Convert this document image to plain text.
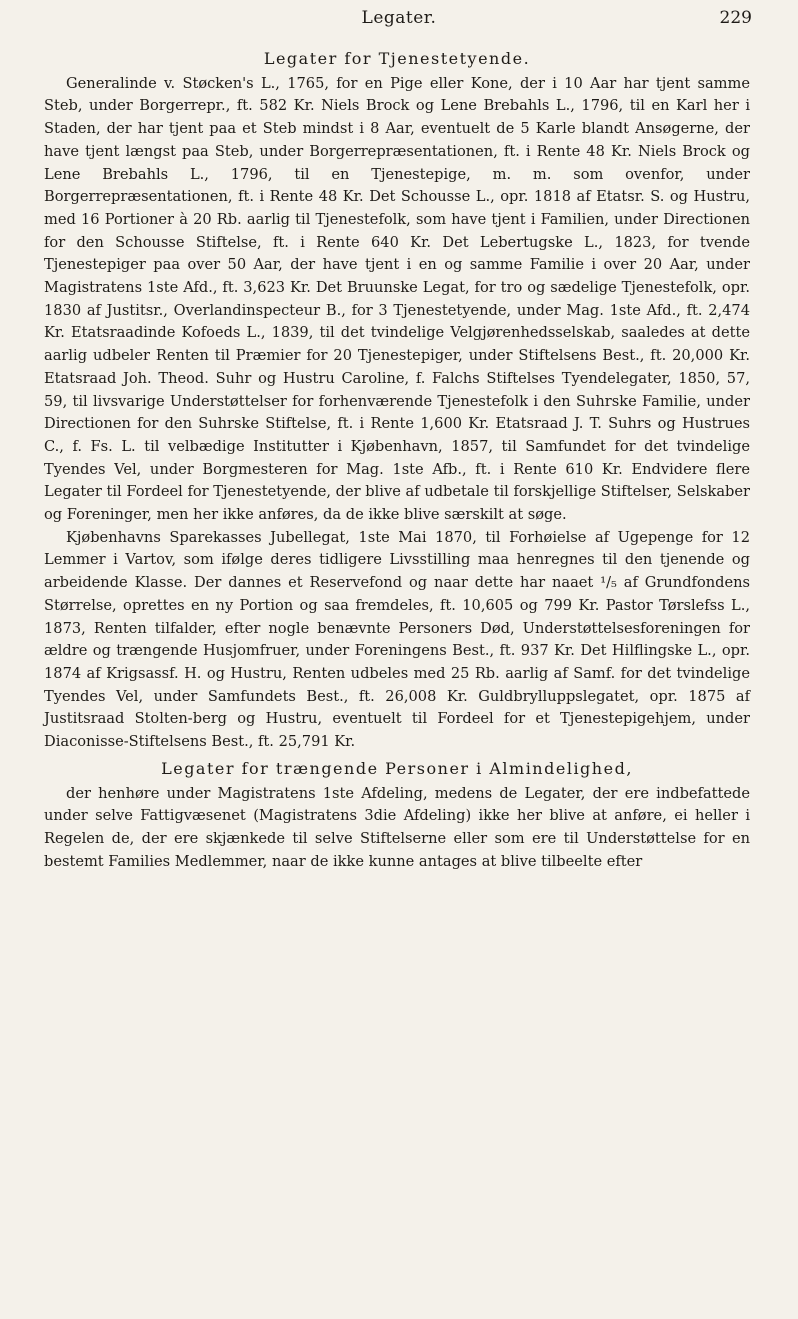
Legater.	229
Legater for Tjenestetyende.

Generalinde v. Støcken's L., 1765, for en Pige eller Kone, der i 10 Aar har tjent samme Steb, under Borgerrepr., ft. 582 Kr. Niels Brock og Lene Brebahls L., 1796, til en Karl her i Staden, der har tjent paa et Steb mindst i 8 Aar, eventuelt de 5 Karle blandt Ansøgerne, der have tjent længst paa Steb, under Borgerrepræsentationen, ft. i Rente 48 Kr. Niels Brock og Lene Brebahls L., 1796, til en Tjenestepige, m. m. som ovenfor, under Borgerrepræsentationen, ft. i Rente 48 Kr. Det Schousse L., opr. 1818 af Etatsr. S. og Hustru, med 16 Portioner à 20 Rb. aarlig til Tjenestefolk, som have tjent i Familien, under Directionen for den Schousse Stiftelse, ft. i Rente 640 Kr. Det Lebertugske L., 1823, for tvende Tjenestepiger paa over 50 Aar, der have tjent i en og samme Familie i over 20 Aar, under Magistratens 1ste Afd., ft. 3,623 Kr. Det Bruunske Legat, for tro og sædelige Tjenestefolk, opr. 1830 af Justitsr., Overlandinspecteur B., for 3 Tjenestetyende, under Mag. 1ste Afd., ft. 2,474 Kr. Etatsraadinde Kofoeds L., 1839, til det tvindelige Velgjørenhedsselskab, saaledes at dette aarlig udbeler Renten til Præmier for 20 Tjenestepiger, under Stiftelsens Best., ft. 20,000 Kr. Etatsraad Joh. Theod. Suhr og Hustru Caroline, f. Falchs Stiftelses Tyendelegater, 1850, 57, 59, til livsvarige Understøttelser for forhenværende Tjenestefolk i den Suhrske Familie, under Directionen for den Suhrske Stiftelse, ft. i Rente 1,600 Kr. Etatsraad J. T. Suhrs og Hustrues C., f. Fs. L. til velbædige Institutter i Kjøbenhavn, 1857, til Samfundet for det tvindelige Tyendes Vel, under Borgmesteren for Mag. 1ste Afb., ft. i Rente 610 Kr. Endvidere flere Legater til Fordeel for Tjenestetyende, der blive af udbetale til forskjellige Stiftelser, Selskaber og Foreninger, men her ikke anføres, da de ikke blive særskilt at søge.

Kjøbenhavns Sparekasses Jubellegat, 1ste Mai 1870, til Forhøielse af Ugepenge for 12 Lemmer i Vartov, som ifølge deres tidligere Livsstilling maa henregnes til den tjenende og arbeidende Klasse. Der dannes et Reservefond og naar dette har naaet ¹/₅ af Grundfondens Størrelse, oprettes en ny Portion og saa fremdeles, ft. 10,605 og 799 Kr. Pastor Tørslefss L., 1873, Renten tilfalder, efter nogle benævnte Personers Død, Understøttelsesforeningen for ældre og trængende Husjomfruer, under Foreningens Best., ft. 937 Kr. Det Hilflingske L., opr. 1874 af Krigsassf. H. og Hustru, Renten udbeles med 25 Rb. aarlig af Samf. for det tvindelige Tyendes Vel, under Samfundets Best., ft. 26,008 Kr. Guldbrylluppslegatet, opr. 1875 af Justitsraad Stolten-berg og Hustru, eventuelt til Fordeel for et Tjenestepigehjem, under Diaconisse-Stiftelsens Best., ft. 25,791 Kr.

Legater for trængende Personer i Almindelighed,

der henhøre under Magistratens 1ste Afdeling, medens de Legater, der ere indbefattede under selve Fattigvæsenet (Magistratens 3die Afdeling) ikke her blive at anføre, ei heller i Regelen de, der ere skjænkede til selve Stiftelserne eller som ere til Understøttelse for en bestemt Families Medlemmer, naar de ikke kunne antages at blive tilbeelte efter
